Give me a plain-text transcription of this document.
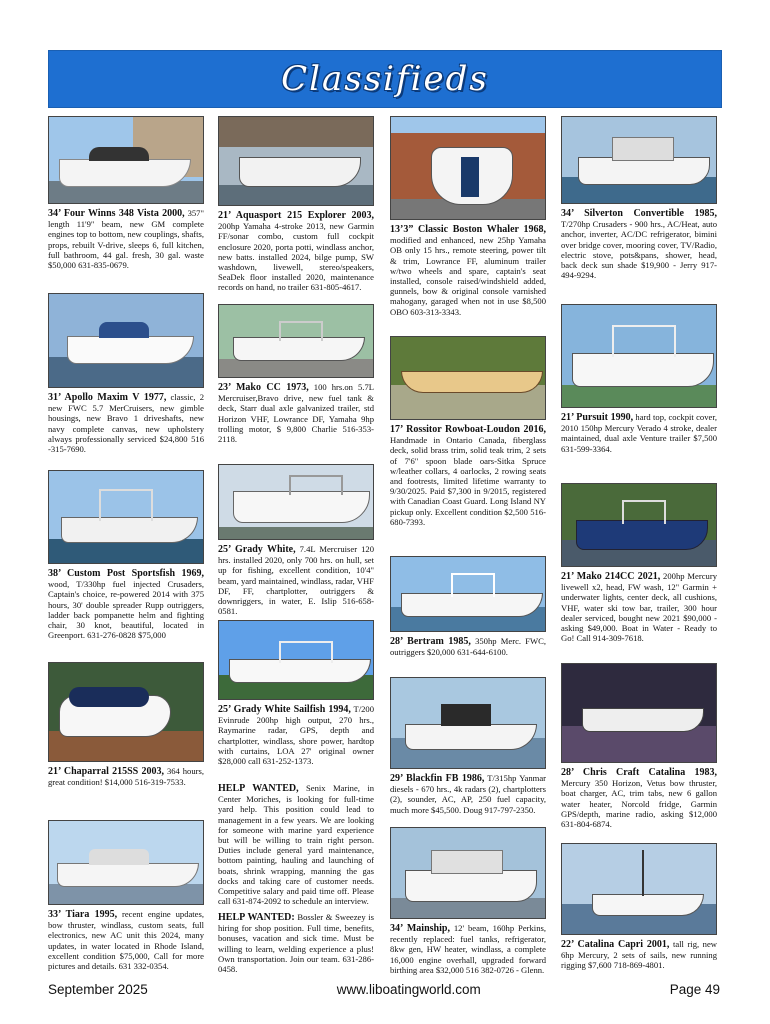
Classifieds

34’ Four Winns 348 Vista 2000, 357" length 11'9" beam, new GM complete engines top to bottom, new couplings, shafts, props, rebuilt V-drive, sleeps 6, full kitchen, full bathroom, 44 gal. fresh, 30 gal. waste $50,000 631-835-0679.

31’ Apollo Maxim V 1977, classic, 2 new FWC 5.7 MerCruisers, new gimble housings, new Bravo 1 driveshafts, new navy complete canvas, new upholstery always professionally serviced $24,800 516 -315-7690.

38’ Custom Post Sportsfish 1969, wood, T/330hp fuel injected Crusaders, Captain's choice, re-powered 2014 with 375 hours, 30' double spreader Rupp outriggers, ladder back pompanette helm and fighting chair, 30 knot, beautiful, located in Greenport. 631-276-0828 $75,000

21’ Chaparral 215SS 2003, 364 hours, great condition! $14,000 516-319-7533.

33’ Tiara 1995, recent engine updates, bow thruster, windlass, custom seats, full electronics, new AC unit this 2024, many updates, in water located in Rhode Island, excellent condition $75,000, Call for more pictures and details. 631 332-0354.

21’ Aquasport 215 Explorer 2003, 200hp Yamaha 4-stroke 2013, new Garmin FF/sonar combo, custom full cockpit enclosure 2020, porta potti, windlass anchor, new batts. installed 2024, bilge pump, SW washdown, livewell, stereo/speakers, SeaDek floor installed 2020, maintenance records on hand, no trailer 631-805-4617.

23’ Mako CC 1973, 100 hrs.on 5.7L Mercruiser,Bravo drive, new fuel tank & deck, Starr dual axle galvanized trailer, std Horizon VHF, Lowrance DF, Yamaha 9hp trolling motor, $ 9,800 Charlie 516-353-2118.

25’ Grady White, 7.4L Mercruiser 120 hrs. installed 2020, only 700 hrs. on hull, set up for fishing, excellent condition, 10'4" beam, yard maintained, windlass, radar, VHF DF, FF, chartplotter, outriggers & downriggers, in water, E. Islip 516-658-0581.

25’ Grady White Sailfish 1994, T/200 Evinrude 200hp high output, 270 hrs., Raymarine radar, GPS, depth and chartplotter, windlass, shore power, hardtop with curtains, LOA 27' original owner $28,000 call 631-252-1373.

HELP WANTED, Senix Marine, in Center Moriches, is looking for full-time yard help. This position could lead to management in a few years. We are looking for someone with marine yard experience but will be willing to train right person. Duties include general yard maintenance, bottom painting, hauling and launching of boats, shrink wrapping, manning the gas docks and taking care of customer needs. Competitive salary and paid time off. Please call 631-874-2092 to schedule an interview.

HELP WANTED: Bossler & Sweezey is hiring for shop position. Full time, benefits, bonuses, vacation and sick time. Must be willing to learn, welding experience a plus! Own transportation. Join our team. 631-286-0458.

13’3” Classic Boston Whaler 1968, modified and enhanced, new 25hp Yamaha OB only 15 hrs., remote steering, power tilt & trim, Lowrance FF, aluminum trailer w/two wheels and spare, captain's seat installed, console raised/windshield added, gunnels, bow & original console varnished mahogany, garaged when not in use $8,500 OBO 603-313-3343.

17’ Rossitor Rowboat-Loudon 2016, Handmade in Ontario Canada, fiberglass deck, solid brass trim, solid teak trim, 2 sets of 7'6" spoon blade oars-Sitka Spruce w/leather collars, 4 oarlocks, 2 rowing seats and footrests, limited lifetime warranty to 9/30/2025. Paid $7,300 in 9/2015, registered with Canadian Coast Guard. Long Island NY pickup only. Excellent condition $2,500 516-680-7393.

28’ Bertram 1985, 350hp Merc. FWC, outriggers $20,000 631-644-6100.

29’ Blackfin FB 1986, T/315hp Yanmar diesels - 670 hrs., 4k radars (2), chartplotters (2), sounder, AC, AP, 250 fuel capacity, much more $45,500. Doug 917-797-2350.

34’ Mainship, 12' beam, 160hp Perkins, recently replaced: fuel tanks, refrigerator, 8kw gen, HW heater, windlass, a complete 16,000 engine overhall, upgraded forward birthing area $32,000 516 382-0726 - Glenn.

34’ Silverton Convertible 1985, T/270hp Crusaders - 900 hrs., AC/Heat, auto anchor, inverter, AC/DC refrigerator, bimini over bridge cover, mooring cover, TV/Radio, electric stove, pots&pans, shower, head, back deck sun shade $19,900 - Jerry 917-494-9294.

21’ Pursuit 1990, hard top, cockpit cover, 2010 150hp Mercury Verado 4 stroke, dealer maintained, dual axle Venture trailer $7,500 631-599-3364.

21’ Mako 214CC 2021, 200hp Mercury livewell x2, head, FW wash, 12" Garmin + underwater lights, center deck, all cushions, VHF, water ski tow bar, trailer, 300 hour dealer serviced, bought new 2021 $90,000 - asking $49,000. Boat in Water - Ready to Go! Call 914-309-7618.

28’ Chris Craft Catalina 1983, Mercury 350 Horizon, Vetus bow thruster, boat charger, AC, trim tabs, new 6 gallon water heater, Norcold fridge, Garmin GPS/depth, marine radio, asking $12,000 631-804-6874.

22’ Catalina Capri 2001, tall rig, new 6hp Mercury, 2 sets of sails, new running rigging $7,600 718-869-4801.

September 2025	www.liboatingworld.com	Page 49
